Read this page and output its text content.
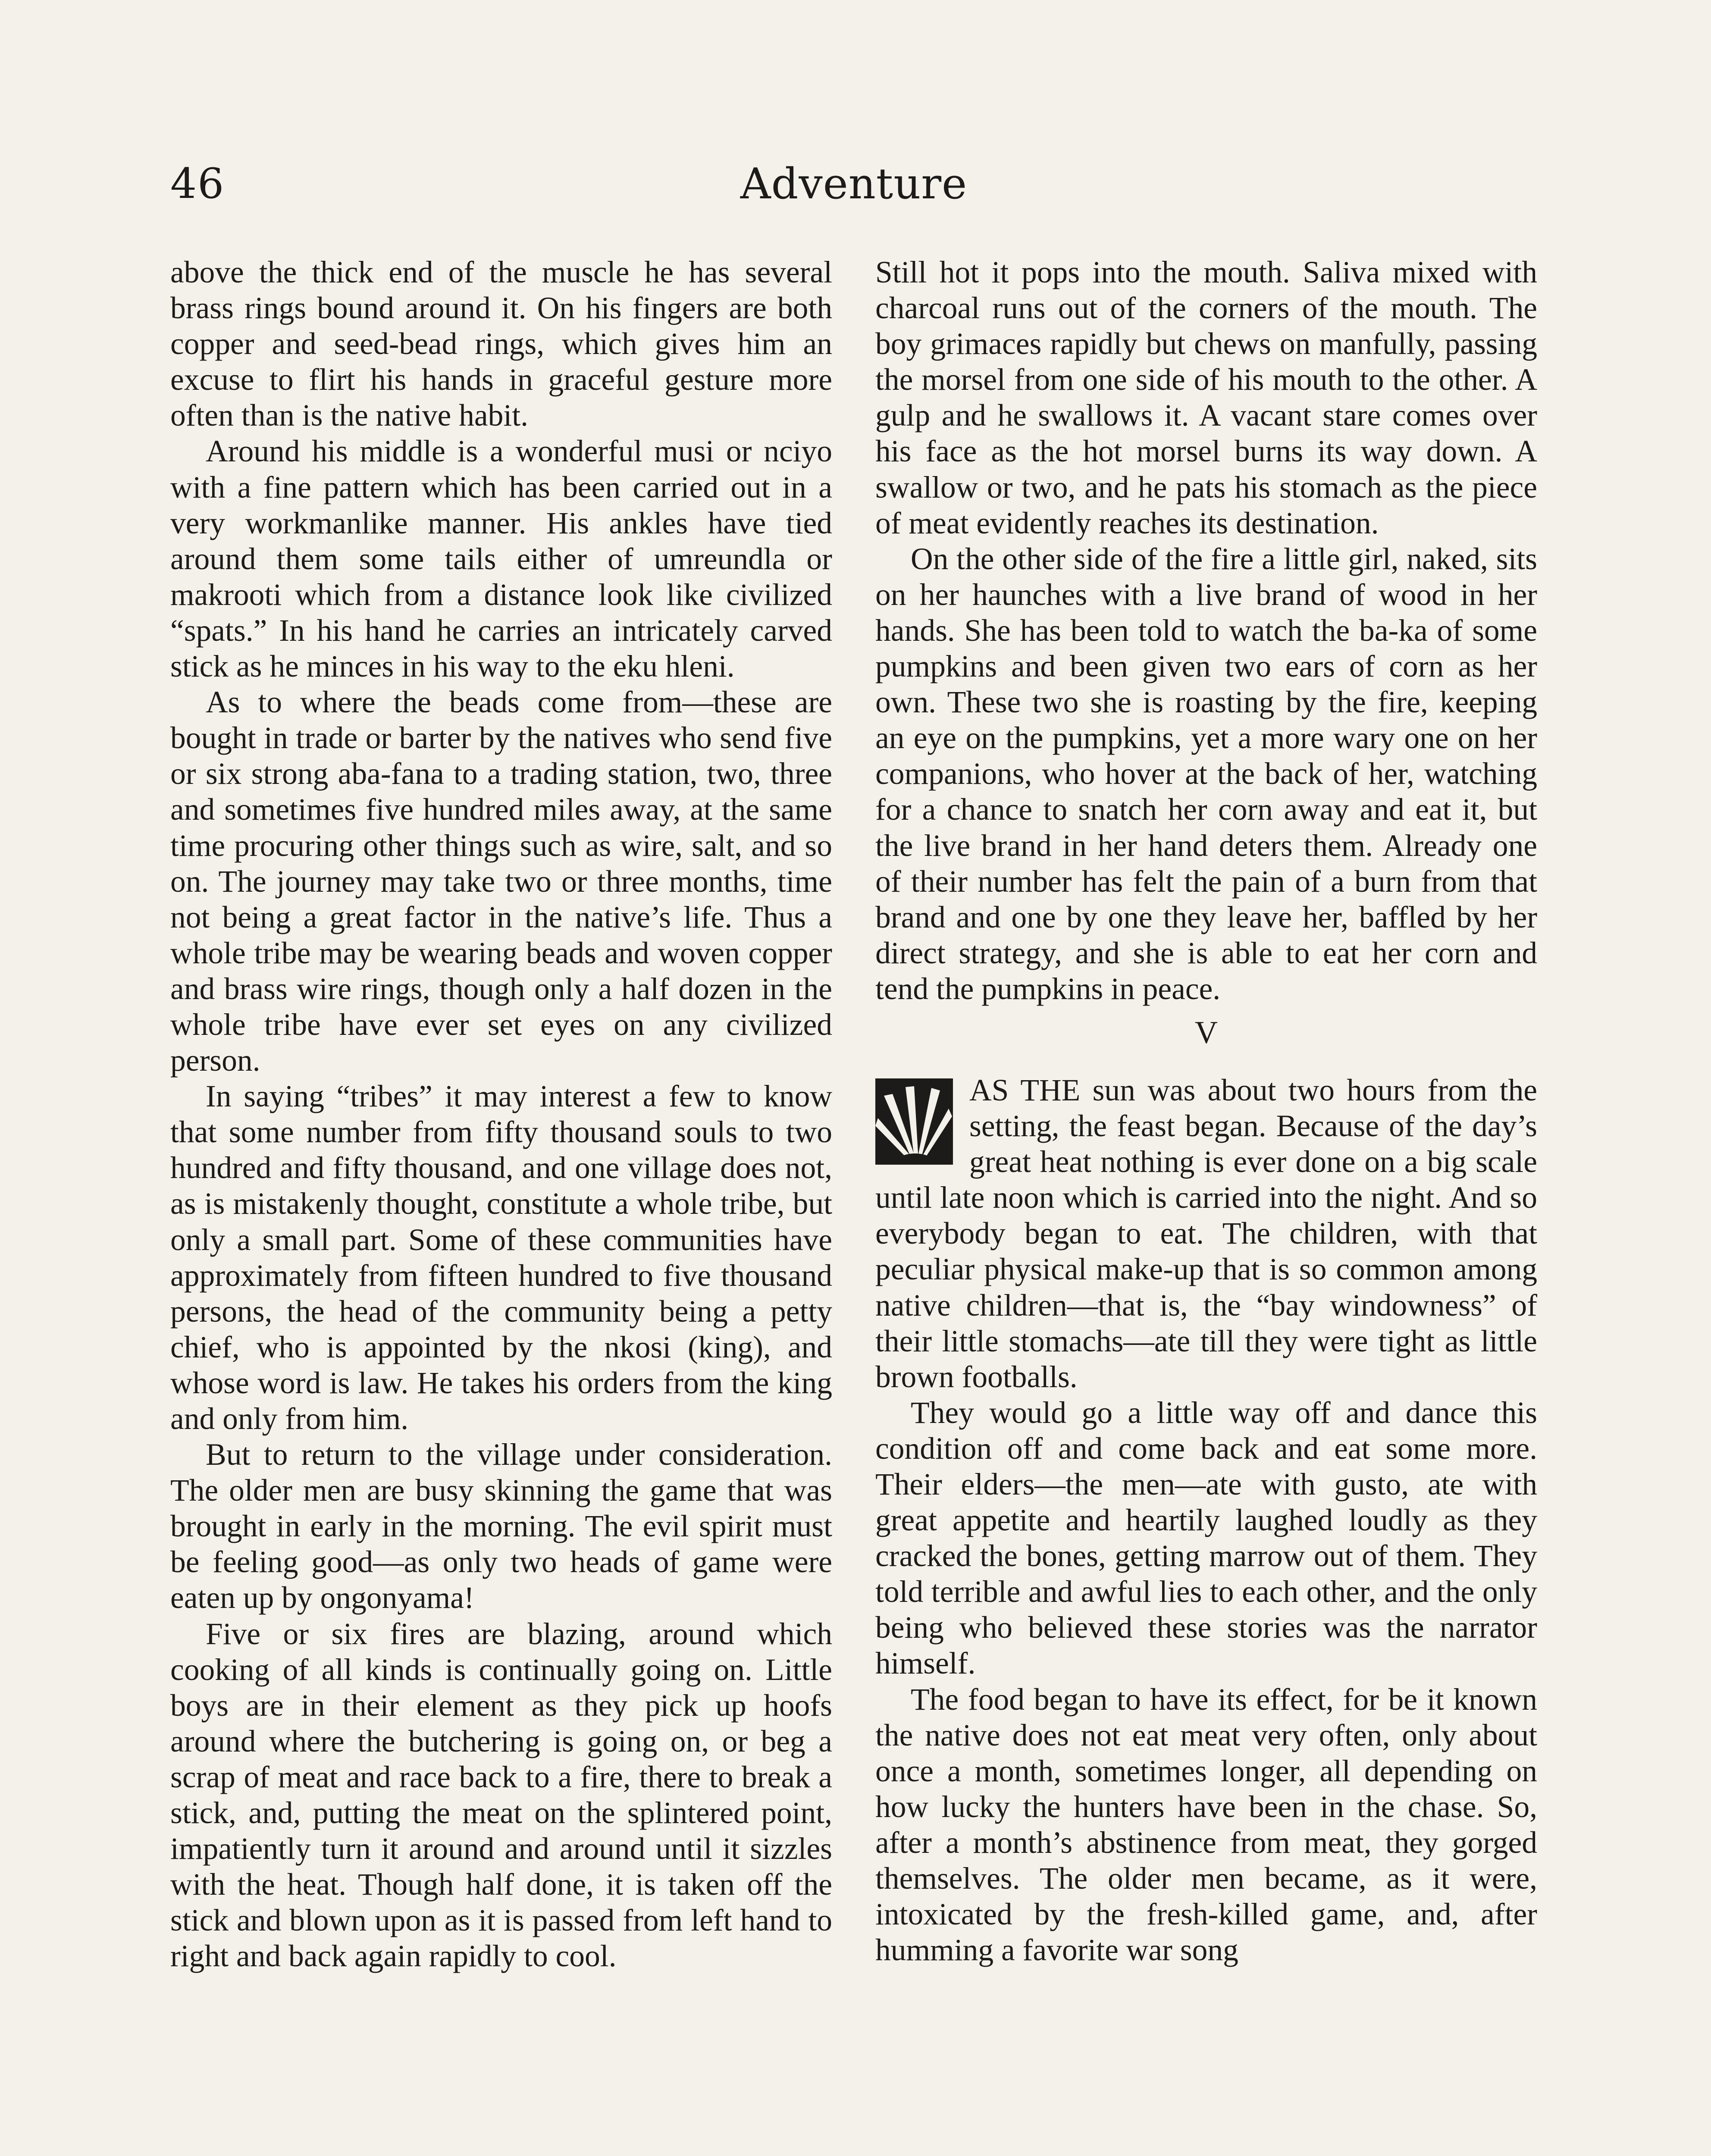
46	Adventure

above the thick end of the muscle he has several brass rings bound around it. On his fingers are both copper and seed-bead rings, which gives him an excuse to flirt his hands in graceful gesture more often than is the native habit.

Around his middle is a wonderful musi or nciyo with a fine pattern which has been carried out in a very workmanlike manner. His ankles have tied around them some tails either of umreundla or makrooti which from a distance look like civilized “spats.” In his hand he carries an intricately carved stick as he minces in his way to the eku hleni.

As to where the beads come from—these are bought in trade or barter by the natives who send five or six strong aba-fana to a trading station, two, three and sometimes five hundred miles away, at the same time procuring other things such as wire, salt, and so on. The journey may take two or three months, time not being a great factor in the native’s life. Thus a whole tribe may be wearing beads and woven copper and brass wire rings, though only a half dozen in the whole tribe have ever set eyes on any civilized person.

In saying “tribes” it may interest a few to know that some number from fifty thousand souls to two hundred and fifty thousand, and one village does not, as is mistakenly thought, constitute a whole tribe, but only a small part. Some of these communities have approximately from fifteen hundred to five thousand persons, the head of the community being a petty chief, who is appointed by the nkosi (king), and whose word is law. He takes his orders from the king and only from him.

But to return to the village under consideration. The older men are busy skinning the game that was brought in early in the morning. The evil spirit must be feeling good—as only two heads of game were eaten up by ongonyama!

Five or six fires are blazing, around which cooking of all kinds is continually going on. Little boys are in their element as they pick up hoofs around where the butchering is going on, or beg a scrap of meat and race back to a fire, there to break a stick, and, putting the meat on the splintered point, impatiently turn it around and around until it sizzles with the heat. Though half done, it is taken off the stick and blown upon as it is passed from left hand to right and back again rapidly to cool.

Still hot it pops into the mouth. Saliva mixed with charcoal runs out of the corners of the mouth. The boy grimaces rapidly but chews on manfully, passing the morsel from one side of his mouth to the other. A gulp and he swallows it. A vacant stare comes over his face as the hot morsel burns its way down. A swallow or two, and he pats his stomach as the piece of meat evidently reaches its destination.

On the other side of the fire a little girl, naked, sits on her haunches with a live brand of wood in her hands. She has been told to watch the ba-ka of some pumpkins and been given two ears of corn as her own. These two she is roasting by the fire, keeping an eye on the pumpkins, yet a more wary one on her companions, who hover at the back of her, watching for a chance to snatch her corn away and eat it, but the live brand in her hand deters them. Already one of their number has felt the pain of a burn from that brand and one by one they leave her, baffled by her direct strategy, and she is able to eat her corn and tend the pumpkins in peace.

V

AS THE sun was about two hours from the setting, the feast began. Because of the day’s great heat nothing is ever done on a big scale until late noon which is carried into the night. And so everybody began to eat. The children, with that peculiar physical make-up that is so common among native children—that is, the “bay windowness” of their little stomachs—ate till they were tight as little brown footballs.

They would go a little way off and dance this condition off and come back and eat some more. Their elders—the men—ate with gusto, ate with great appetite and heartily laughed loudly as they cracked the bones, getting marrow out of them. They told terrible and awful lies to each other, and the only being who believed these stories was the narrator himself.

The food began to have its effect, for be it known the native does not eat meat very often, only about once a month, sometimes longer, all depending on how lucky the hunters have been in the chase. So, after a month’s abstinence from meat, they gorged themselves. The older men became, as it were, intoxicated by the fresh-killed game, and, after humming a favorite war song
